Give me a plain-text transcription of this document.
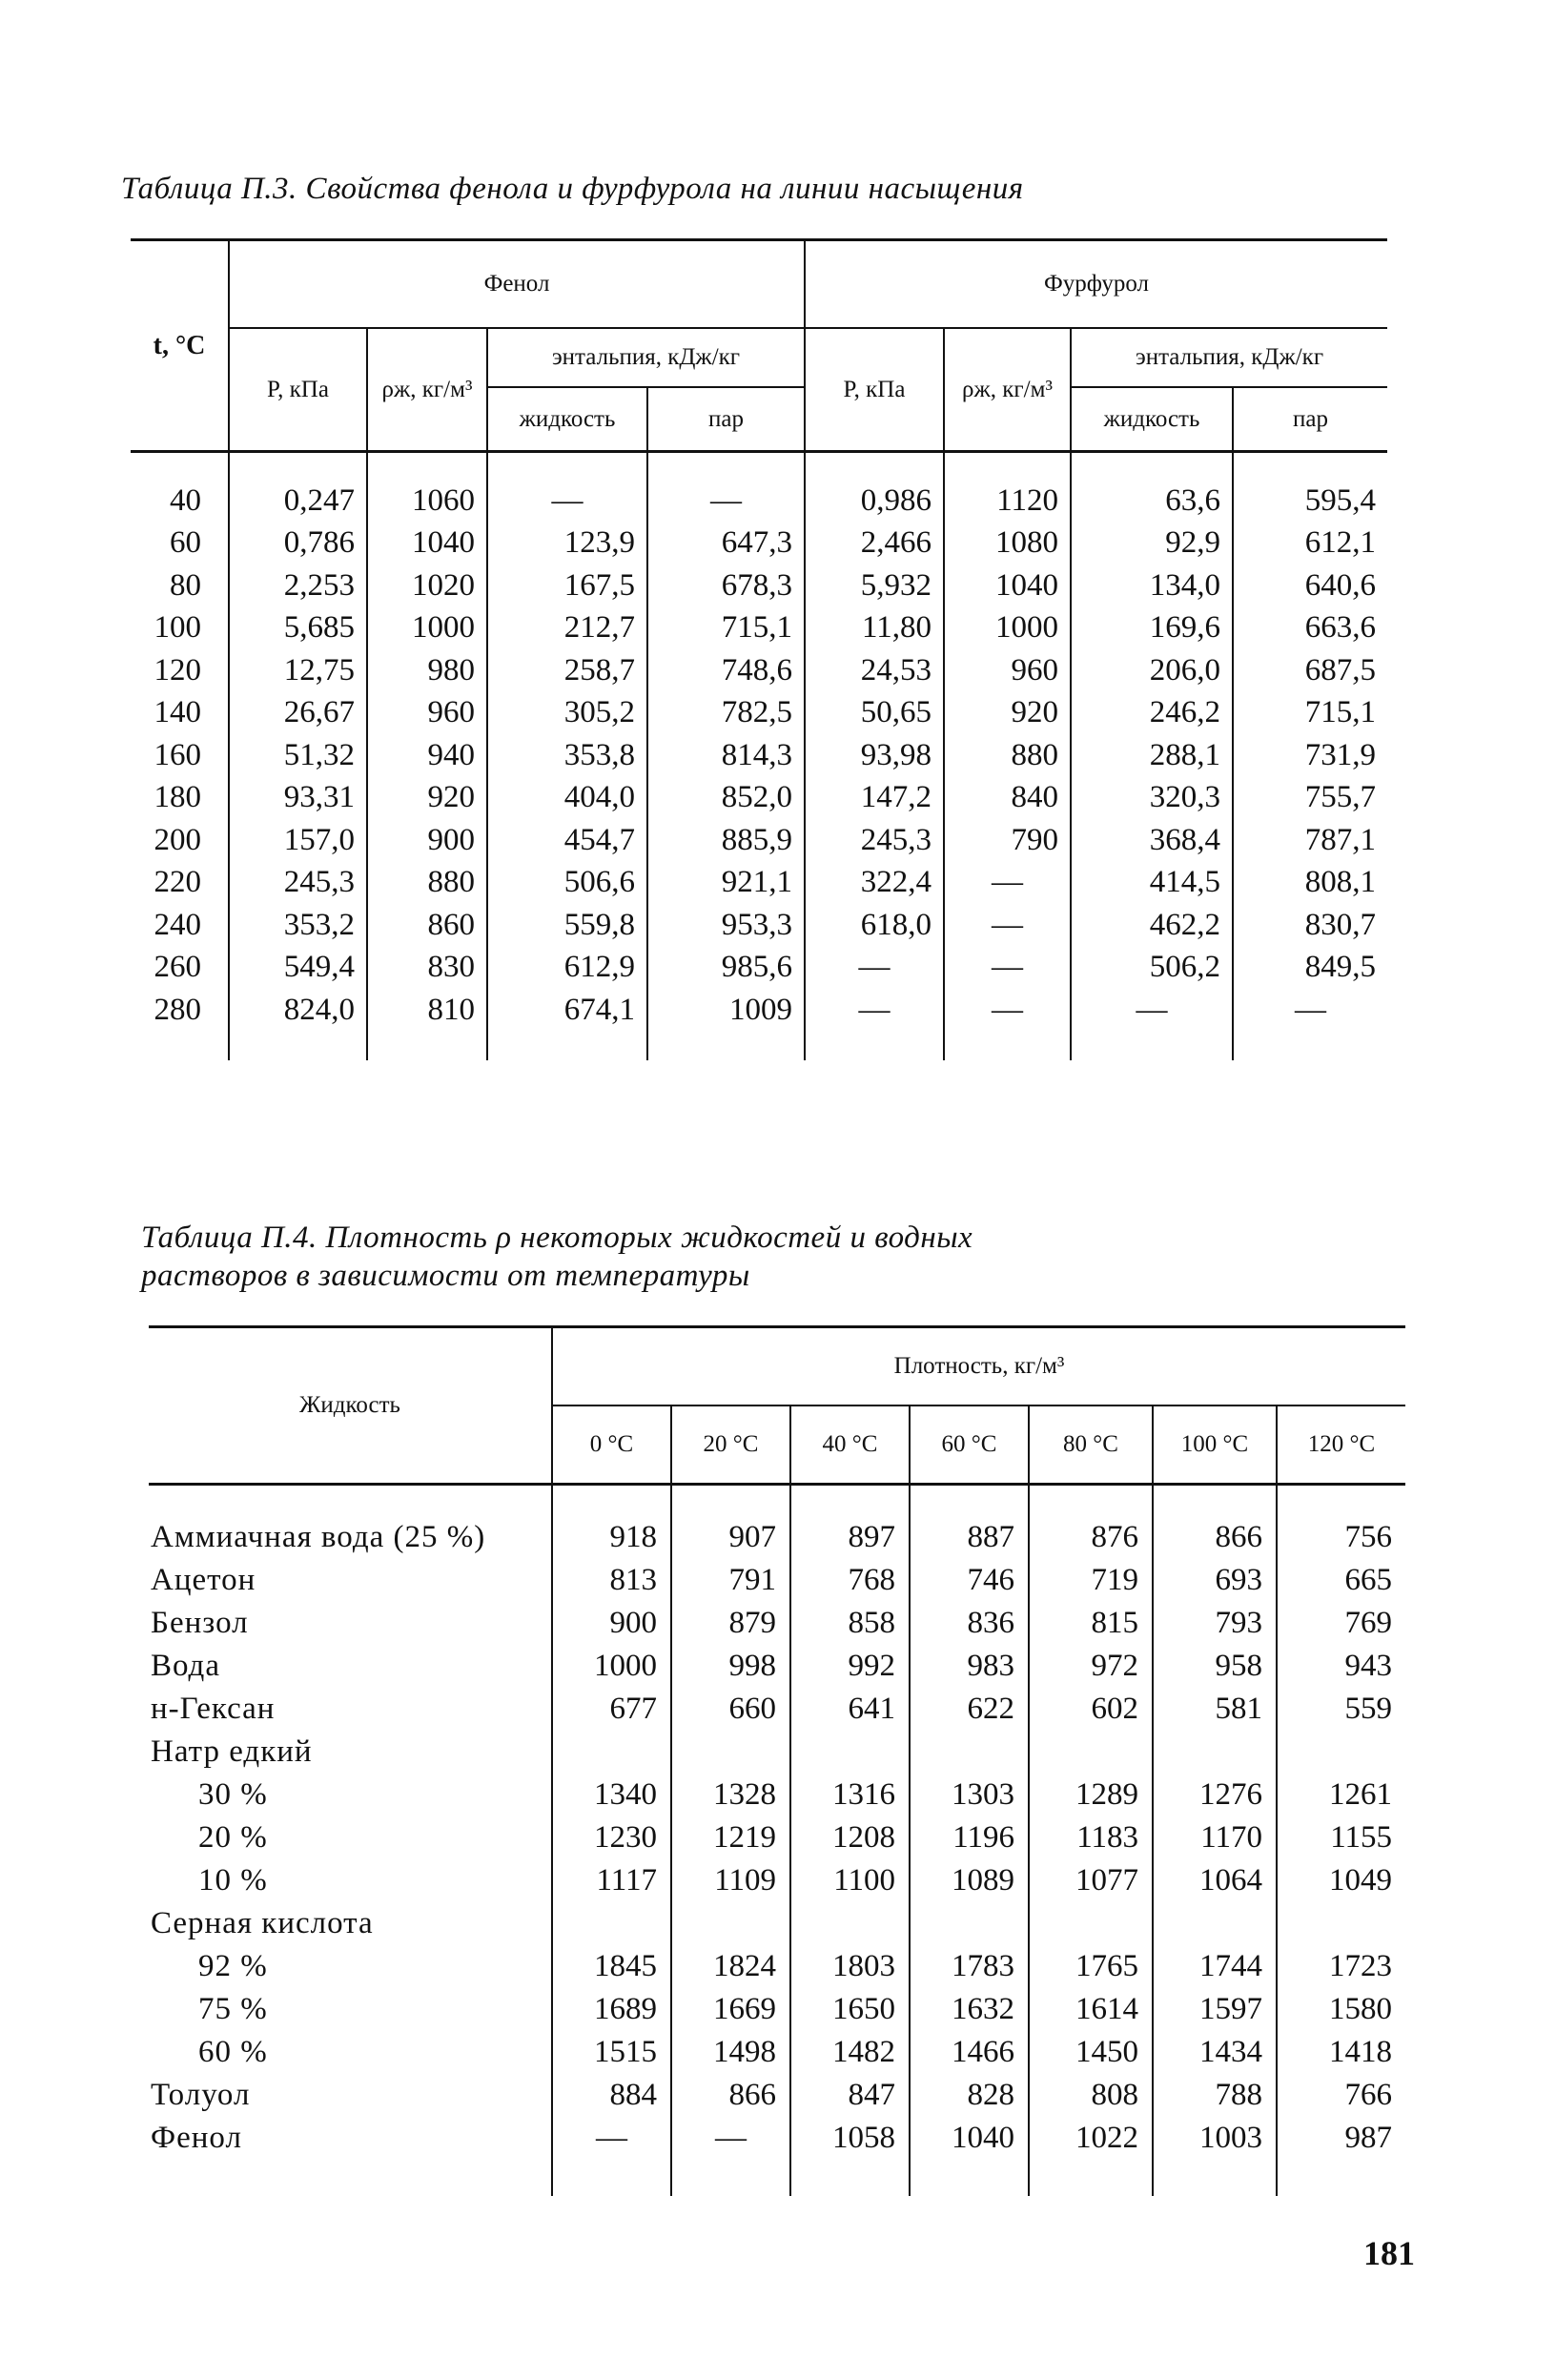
Таблица П.3. Свойства фенола и фурфурола на линии насыщения
t, °C	Фенол				Фурфурол			
	P, кПа	ρж, кг/м³	энтальпия, кДж/кг		P, кПа	ρж, кг/м³	энтальпия, кДж/кг	
			жидкость	пар			жидкость	пар
40	0,247	1060	—	—	0,986	1120	63,6	595,4
60	0,786	1040	123,9	647,3	2,466	1080	92,9	612,1
80	2,253	1020	167,5	678,3	5,932	1040	134,0	640,6
100	5,685	1000	212,7	715,1	11,80	1000	169,6	663,6
120	12,75	980	258,7	748,6	24,53	960	206,0	687,5
140	26,67	960	305,2	782,5	50,65	920	246,2	715,1
160	51,32	940	353,8	814,3	93,98	880	288,1	731,9
180	93,31	920	404,0	852,0	147,2	840	320,3	755,7
200	157,0	900	454,7	885,9	245,3	790	368,4	787,1
220	245,3	880	506,6	921,1	322,4	—	414,5	808,1
240	353,2	860	559,8	953,3	618,0	—	462,2	830,7
260	549,4	830	612,9	985,6	—	—	506,2	849,5
280	824,0	810	674,1	1009	—	—	—	—
Таблица П.4. Плотность ρ некоторых жидкостей и водных
растворов в зависимости от температуры
Жидкость	Плотность, кг/м³						
	0 °С	20 °С	40 °С	60 °С	80 °С	100 °С	120 °С
Аммиачная вода (25 %)	918	907	897	887	876	866	756
Ацетон	813	791	768	746	719	693	665
Бензол	900	879	858	836	815	793	769
Вода	1000	998	992	983	972	958	943
н-Гексан	677	660	641	622	602	581	559
Натр едкий							
30 %	1340	1328	1316	1303	1289	1276	1261
20 %	1230	1219	1208	1196	1183	1170	1155
10 %	1117	1109	1100	1089	1077	1064	1049
Серная кислота							
92 %	1845	1824	1803	1783	1765	1744	1723
75 %	1689	1669	1650	1632	1614	1597	1580
60 %	1515	1498	1482	1466	1450	1434	1418
Толуол	884	866	847	828	808	788	766
Фенол	—	—	1058	1040	1022	1003	987
181
